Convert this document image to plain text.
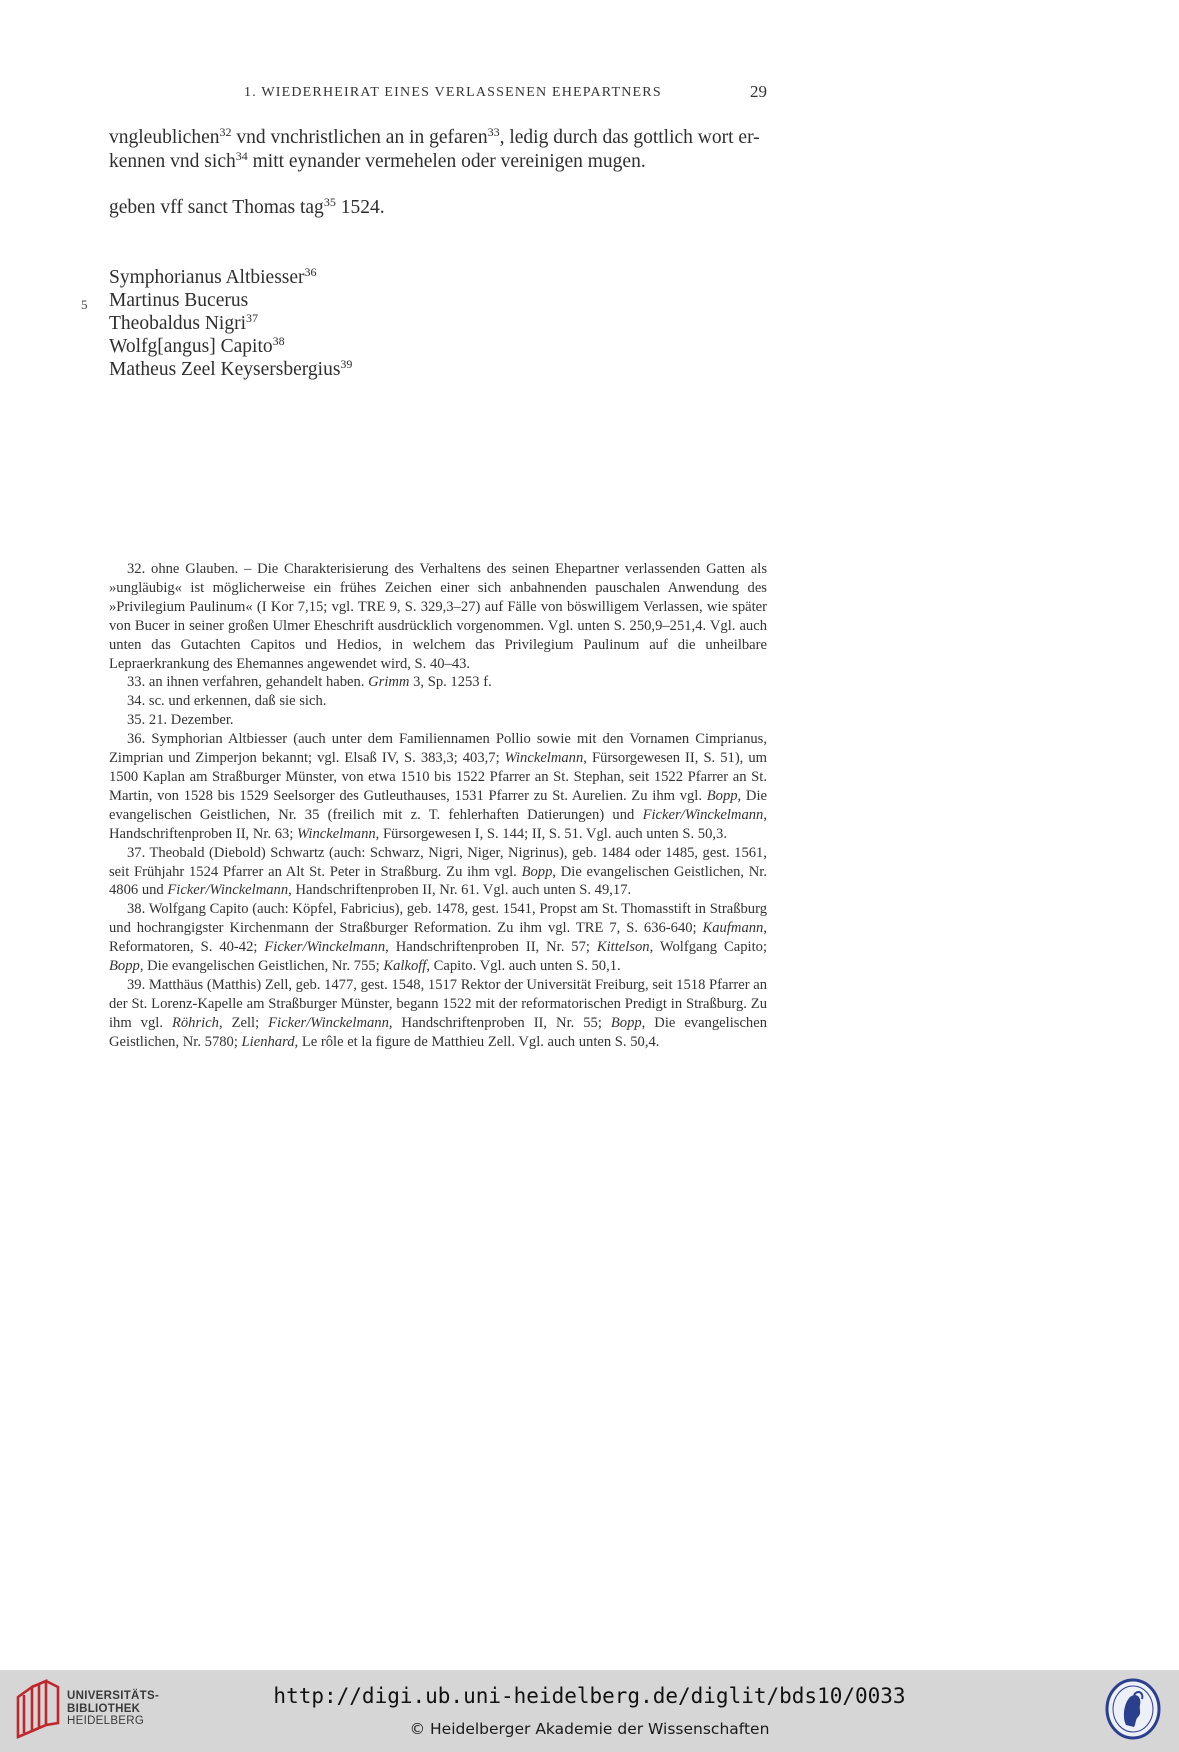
1. WIEDERHEIRAT EINES VERLASSENEN EHEPARTNERS	29
vngleublichen$^{32}$ vnd vnchristlichen an in gefaren$^{33}$, ledig durch das gottlich wort er-
kennen vnd sich$^{34}$ mitt eynander vermehelen oder vereinigen mugen.
geben vff sanct Thomas tag$^{35}$ 1524.
5
Symphorianus Altbiesser$^{36}$
Martinus Bucerus
Theobaldus Nigri$^{37}$
Wolfg[angus] Capito$^{38}$
Matheus Zeel Keysersbergius$^{39}$

32. ohne Glauben. – Die Charakterisierung des Verhaltens des seinen Ehepartner verlassenden Gatten als »ungläubig« ist möglicherweise ein frühes Zeichen einer sich anbahnenden pauschalen Anwendung des »Privilegium Paulinum« (I Kor 7,15; vgl. TRE 9, S. 329,3–27) auf Fälle von böswilligem Verlassen, wie später von Bucer in seiner großen Ulmer Eheschrift ausdrücklich vorgenommen. Vgl. unten S. 250,9–251,4. Vgl. auch unten das Gutachten Capitos und Hedios, in welchem das Privilegium Paulinum auf die unheilbare Lepraerkrankung des Ehemannes angewendet wird, S. 40–43.

33. an ihnen verfahren, gehandelt haben. Grimm 3, Sp. 1253 f.

34. sc. und erkennen, daß sie sich.

35. 21. Dezember.

36. Symphorian Altbiesser (auch unter dem Familiennamen Pollio sowie mit den Vornamen Cimprianus, Zimprian und Zimperjon bekannt; vgl. Elsaß IV, S. 383,3; 403,7; Winckelmann, Fürsorgewesen II, S. 51), um 1500 Kaplan am Straßburger Münster, von etwa 1510 bis 1522 Pfarrer an St. Stephan, seit 1522 Pfarrer an St. Martin, von 1528 bis 1529 Seelsorger des Gutleuthauses, 1531 Pfarrer zu St. Aurelien. Zu ihm vgl. Bopp, Die evangelischen Geistlichen, Nr. 35 (freilich mit z. T. fehlerhaften Datierungen) und Ficker/Winckelmann, Handschriftenproben II, Nr. 63; Winckelmann, Fürsorgewesen I, S. 144; II, S. 51. Vgl. auch unten S. 50,3.

37. Theobald (Diebold) Schwartz (auch: Schwarz, Nigri, Niger, Nigrinus), geb. 1484 oder 1485, gest. 1561, seit Frühjahr 1524 Pfarrer an Alt St. Peter in Straßburg. Zu ihm vgl. Bopp, Die evangelischen Geistlichen, Nr. 4806 und Ficker/Winckelmann, Handschriftenproben II, Nr. 61. Vgl. auch unten S. 49,17.

38. Wolfgang Capito (auch: Köpfel, Fabricius), geb. 1478, gest. 1541, Propst am St. Thomasstift in Straßburg und hochrangigster Kirchenmann der Straßburger Reformation. Zu ihm vgl. TRE 7, S. 636-640; Kaufmann, Reformatoren, S. 40-42; Ficker/Winckelmann, Handschriftenproben II, Nr. 57; Kittelson, Wolfgang Capito; Bopp, Die evangelischen Geistlichen, Nr. 755; Kalkoff, Capito. Vgl. auch unten S. 50,1.

39. Matthäus (Matthis) Zell, geb. 1477, gest. 1548, 1517 Rektor der Universität Freiburg, seit 1518 Pfarrer an der St. Lorenz-Kapelle am Straßburger Münster, begann 1522 mit der reformatorischen Predigt in Straßburg. Zu ihm vgl. Röhrich, Zell; Ficker/Winckelmann, Handschriftenproben II, Nr. 55; Bopp, Die evangelischen Geistlichen, Nr. 5780; Lienhard, Le rôle et la figure de Matthieu Zell. Vgl. auch unten S. 50,4.

UNIVERSITÄTS-
BIBLIOTHEK
HEIDELBERG
http://digi.ub.uni-heidelberg.de/diglit/bds10/0033
© Heidelberger Akademie der Wissenschaften
